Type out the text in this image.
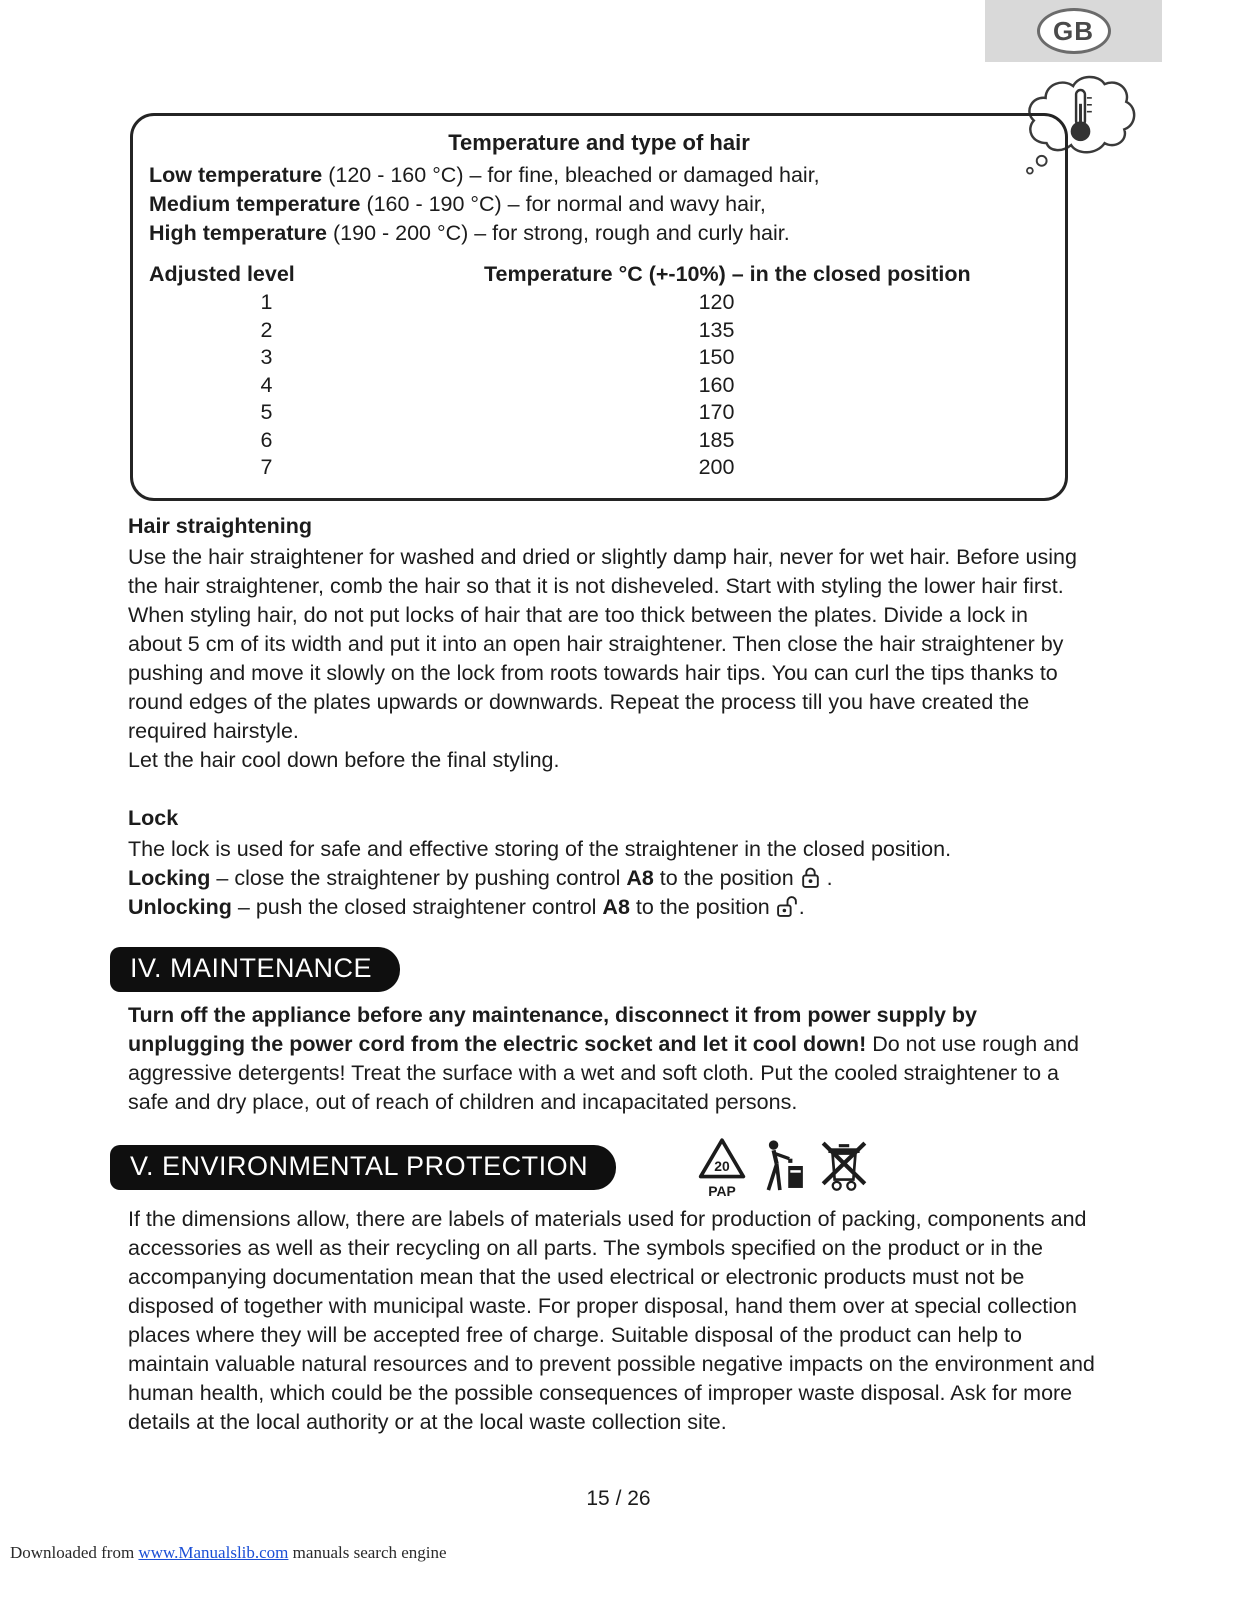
GB
Temperature and type of hair
Low temperature (120 - 160 °C) – for fine, bleached or damaged hair,
Medium temperature (160 - 190 °C) – for normal and wavy hair,
High temperature (190 - 200 °C) – for strong, rough and curly hair.
Adjusted level	Temperature °C (+-10%) – in the closed position
1	120
2	135
3	150
4	160
5	170
6	185
7	200
Hair straightening
Use the hair straightener for washed and dried or slightly damp hair, never for wet hair. Before using the hair straightener, comb the hair so that it is not disheveled. Start with styling the lower hair first. When styling hair, do not put locks of hair that are too thick between the plates. Divide a lock in about 5 cm of its width and put it into an open hair straightener. Then close the hair straightener by pushing and move it slowly on the lock from roots towards hair tips. You can curl the tips thanks to round edges of the plates upwards or downwards. Repeat the process till you have created the required hairstyle.
Let the hair cool down before the final styling.
Lock
The lock is used for safe and effective storing of the straightener in the closed position.
Locking – close the straightener by pushing control A8 to the position  .
Unlocking – push the closed straightener control A8 to the position .
IV. MAINTENANCE
Turn off the appliance before any maintenance, disconnect it from power supply by unplugging the power cord from the electric socket and let it cool down! Do not use rough and aggressive detergents! Treat the surface with a wet and soft cloth. Put the cooled straightener to a safe and dry place, out of reach of children and incapacitated persons.
V. ENVIRONMENTAL PROTECTION	20
PAP
If the dimensions allow, there are labels of materials used for production of packing, components and accessories as well as their recycling on all parts. The symbols specified on the product or in the accompanying documentation mean that the used electrical or electronic products must not be disposed of together with municipal waste. For proper disposal, hand them over at special collection places where they will be accepted free of charge. Suitable disposal of the product can help to maintain valuable natural resources and to prevent possible negative impacts on the environment and human health, which could be the possible consequences of improper waste disposal. Ask for more details at the local authority or at the local waste collection site.
15 / 26
Downloaded from www.Manualslib.com manuals search engine
